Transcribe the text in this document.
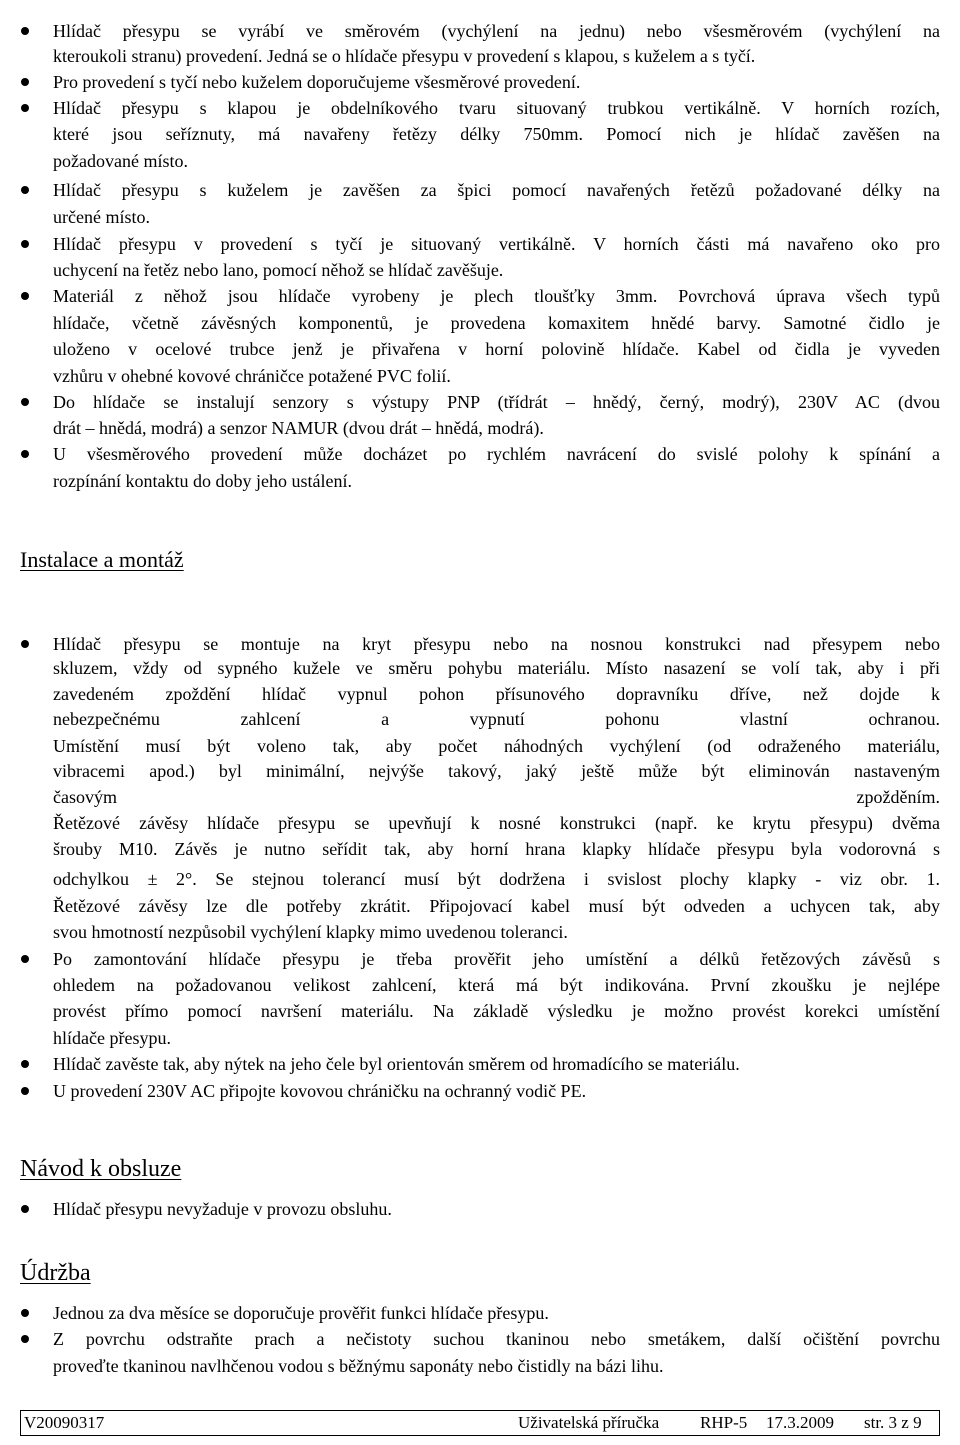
Hlídač přesypu se vyrábí ve směrovém (vychýlení na jednu) nebo všesměrovém (vychýlení na
kteroukoli stranu) provedení. Jedná se o hlídače přesypu v provedení s klapou, s kuželem a s tyčí.
Pro provedení s tyčí nebo kuželem doporučujeme všesměrové provedení.
Hlídač přesypu s klapou je obdelníkového tvaru situovaný trubkou vertikálně. V horních rozích,
které jsou seříznuty, má navařeny řetězy délky 750mm. Pomocí nich je hlídač zavěšen na
požadované místo.
Hlídač přesypu s kuželem je zavěšen za špici pomocí navařených řetězů požadované délky na
určené místo.
Hlídač přesypu v provedení s tyčí je situovaný vertikálně. V horních části má navařeno oko pro
uchycení na řetěz nebo lano, pomocí něhož se hlídač zavěšuje.
Materiál z něhož jsou hlídače vyrobeny je plech tloušťky 3mm. Povrchová úprava všech typů
hlídače, včetně závěsných komponentů, je provedena komaxitem hnědé barvy. Samotné čidlo je
uloženo v ocelové trubce jenž je přivařena v horní polovině hlídače. Kabel od čidla je vyveden
vzhůru v ohebné kovové chráničce potažené PVC folií.
Do hlídače se instalují senzory s výstupy PNP (třídrát – hnědý, černý, modrý), 230V AC (dvou
drát – hnědá, modrá) a senzor NAMUR (dvou drát – hnědá, modrá).
U všesměrového provedení může docházet po rychlém navrácení do svislé polohy k spínání a
rozpínání kontaktu do doby jeho ustálení.
Instalace a montáž
Hlídač přesypu se montuje na kryt přesypu nebo na nosnou konstrukci nad přesypem nebo
skluzem, vždy od sypného kužele ve směru pohybu materiálu. Místo nasazení se volí tak, aby i při
zavedeném zpoždění hlídač vypnul pohon přísunového dopravníku dříve, než dojde k
nebezpečnému zahlcení a vypnutí pohonu vlastní ochranou.
Umístění musí být voleno tak, aby počet náhodných vychýlení (od odraženého materiálu,
vibracemi apod.) byl minimální, nejvýše takový, jaký ještě může být eliminován nastaveným
časovým zpožděním.
Řetězové závěsy hlídače přesypu se upevňují k nosné konstrukci (např. ke krytu přesypu) dvěma
šrouby M10. Závěs je nutno seřídit tak, aby horní hrana klapky hlídače přesypu byla vodorovná s
odchylkou ± 2°. Se stejnou tolerancí musí být dodržena i svislost plochy klapky - viz obr. 1.
Řetězové závěsy lze dle potřeby zkrátit. Připojovací kabel musí být odveden a uchycen tak, aby
svou hmotností nezpůsobil vychýlení klapky mimo uvedenou toleranci.
Po zamontování hlídače přesypu je třeba prověřit jeho umístění a délků řetězových závěsů s
ohledem na požadovanou velikost zahlcení, která má být indikována. První zkoušku je nejlépe
provést přímo pomocí navršení materiálu. Na základě výsledku je možno provést korekci umístění
hlídače přesypu.
Hlídač zavěste tak, aby nýtek na jeho čele byl orientován směrem od hromadícího se materiálu.
U provedení 230V AC připojte kovovou chráničku na ochranný vodič PE.
Návod k obsluze
Hlídač přesypu nevyžaduje v provozu obsluhu.
Údržba
Jednou za dva měsíce se doporučuje prověřit funkci hlídače přesypu.
Z povrchu odstraňte prach a nečistoty suchou tkaninou nebo smetákem, další očištění povrchu
proveďte tkaninou navlhčenou vodou s běžnýmu saponáty nebo čistidly na bázi lihu.
V20090317	Uživatelská příručka RHP-5 17.3.2009 str. 3 z 9
